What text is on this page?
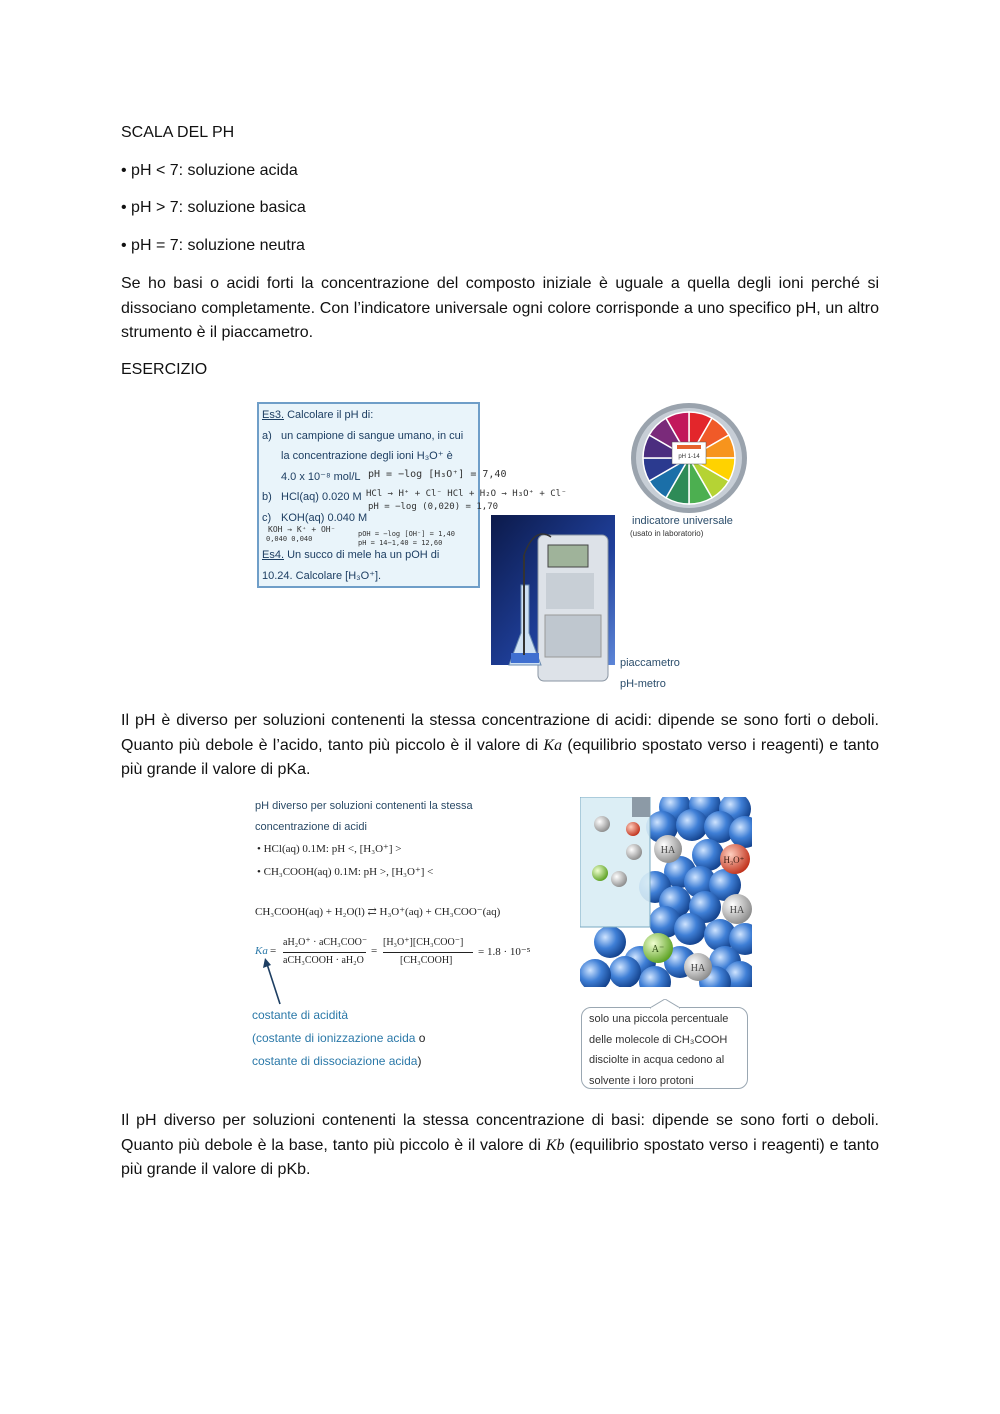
SCALA DEL PH
• pH < 7: soluzione acida
• pH > 7: soluzione basica
• pH = 7: soluzione neutra
Se ho basi o acidi forti la concentrazione del composto iniziale è uguale a quella degli ioni perché si dissociano completamente. Con l’indicatore universale ogni colore corrisponde a uno specifico pH, un altro strumento è il piaccametro.
ESERCIZIO
Es3. Calcolare il pH di:
a) un campione di sangue umano, in cui
la concentrazione degli ioni H₃O⁺ è
4.0 x 10⁻⁸ mol/L pH = −log [H₃O⁺] = 7,40
b) HCl(aq) 0.020 M HCl → H⁺ + Cl⁻ HCl + H₂O → H₃O⁺ + Cl⁻
pH = −log (0,020) = 1,70
c) KOH(aq) 0.040 M
KOH → K⁺ + OH⁻
0,040 0,040
pOH = −log [OH⁻] = 1,40
pH = 14−1,40 = 12,60
Es4. Un succo di mele ha un pOH di
10.24. Calcolare [H₃O⁺].
pH 1-14
indicatore universale
(usato in laboratorio)
piaccametro
pH-metro
Il pH è diverso per soluzioni contenenti la stessa concentrazione di acidi: dipende se sono forti o deboli. Quanto più debole è l’acido, tanto più piccolo è il valore di Ka (equilibrio spostato verso i reagenti) e tanto più grande il valore di pKa.
pH diverso per soluzioni contenenti la stessa
concentrazione di acidi
• HCl(aq) 0.1M: pH <, [H₃O⁺] >
• CH₃COOH(aq) 0.1M: pH >, [H₃O⁺] <
CH₃COOH(aq) + H₂O(l) ⇄ H₃O⁺(aq) + CH₃COO⁻(aq)
Ka =
aH₂O⁺ · aCH₃COO⁻
aCH₃COOH · aH₂O
=
[H₃O⁺][CH₃COO⁻]
[CH₃COOH]
= 1.8 · 10⁻⁵
costante di acidità
(costante di ionizzazione acida o
costante di dissociazione acida)
HA
H₃O⁺
HA
A⁻
HA
solo una piccola percentuale
delle molecole di CH₃COOH
disciolte in acqua cedono al
solvente i loro protoni
Il pH diverso per soluzioni contenenti la stessa concentrazione di basi: dipende se sono forti o deboli. Quanto più debole è la base, tanto più piccolo è il valore di Kb (equilibrio spostato verso i reagenti) e tanto più grande il valore di pKb.
